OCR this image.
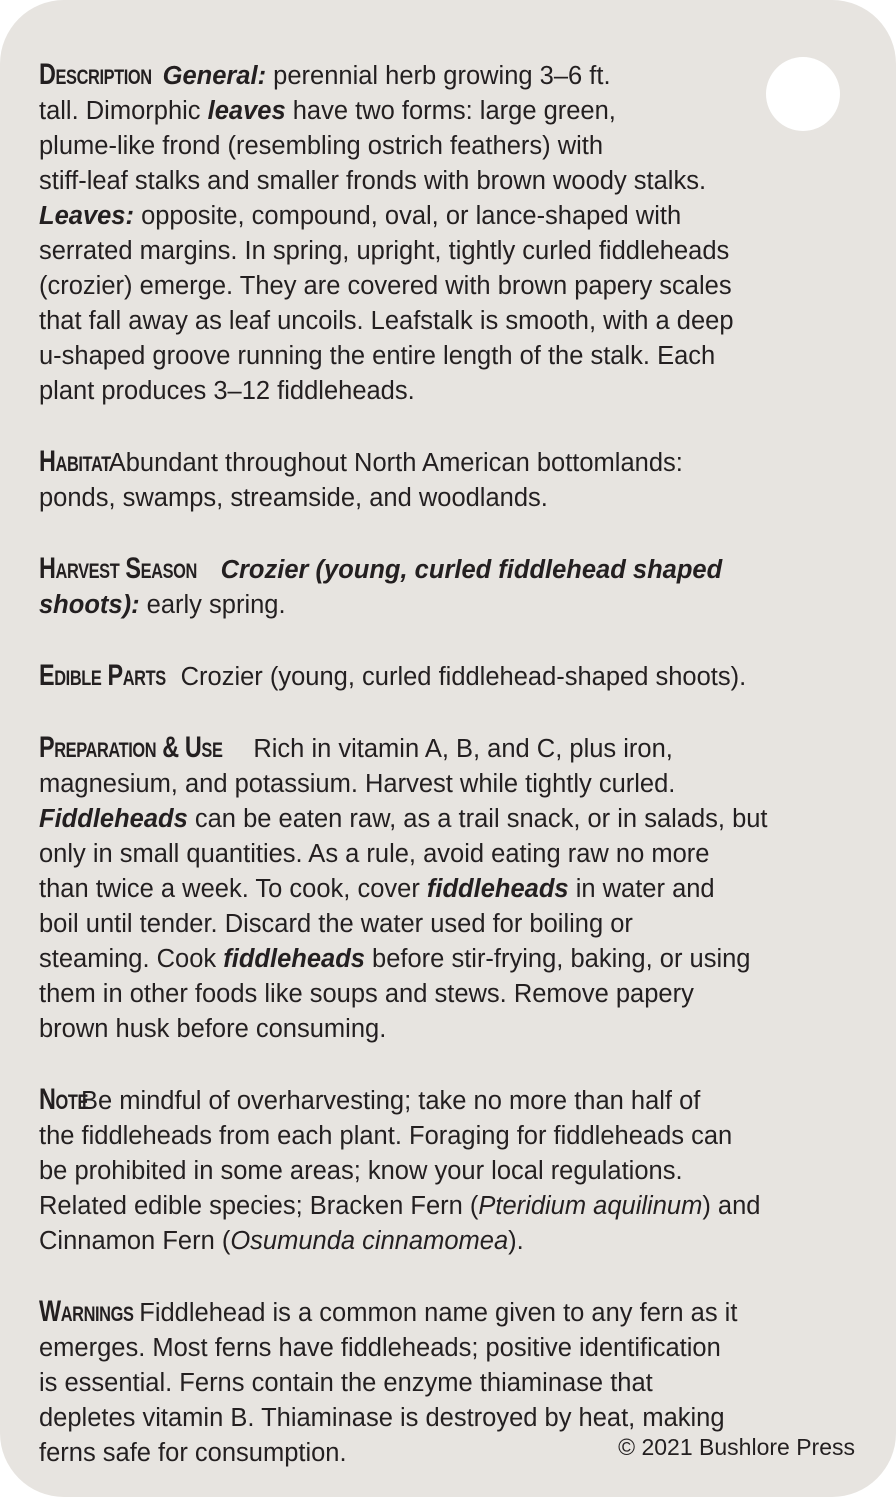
Description General: perennial herb growing 3–6 ft.
tall. Dimorphic leaves have two forms: large green,
plume-like frond (resembling ostrich feathers) with
stiff-leaf stalks and smaller fronds with brown woody stalks.
Leaves: opposite, compound, oval, or lance-shaped with
serrated margins. In spring, upright, tightly curled fiddleheads
(crozier) emerge. They are covered with brown papery scales
that fall away as leaf uncoils. Leafstalk is smooth, with a deep
u-shaped groove running the entire length of the stalk. Each
plant produces 3–12 fiddleheads.
Habitat Abundant throughout North American bottomlands:
ponds, swamps, streamside, and woodlands.
Harvest Season Crozier (young, curled fiddlehead shaped
shoots): early spring.
Edible Parts Crozier (young, curled fiddlehead-shaped shoots).
Preparation & Use Rich in vitamin A, B, and C, plus iron,
magnesium, and potassium. Harvest while tightly curled.
Fiddleheads can be eaten raw, as a trail snack, or in salads, but
only in small quantities. As a rule, avoid eating raw no more
than twice a week. To cook, cover fiddleheads in water and
boil until tender. Discard the water used for boiling or
steaming. Cook fiddleheads before stir-frying, baking, or using
them in other foods like soups and stews. Remove papery
brown husk before consuming.
Note Be mindful of overharvesting; take no more than half of
the fiddleheads from each plant. Foraging for fiddleheads can
be prohibited in some areas; know your local regulations.
Related edible species; Bracken Fern (Pteridium aquilinum) and
Cinnamon Fern (Osumunda cinnamomea).
Warnings Fiddlehead is a common name given to any fern as it
emerges. Most ferns have fiddleheads; positive identification
is essential. Ferns contain the enzyme thiaminase that
depletes vitamin B. Thiaminase is destroyed by heat, making
ferns safe for consumption.	© 2021 Bushlore Press
